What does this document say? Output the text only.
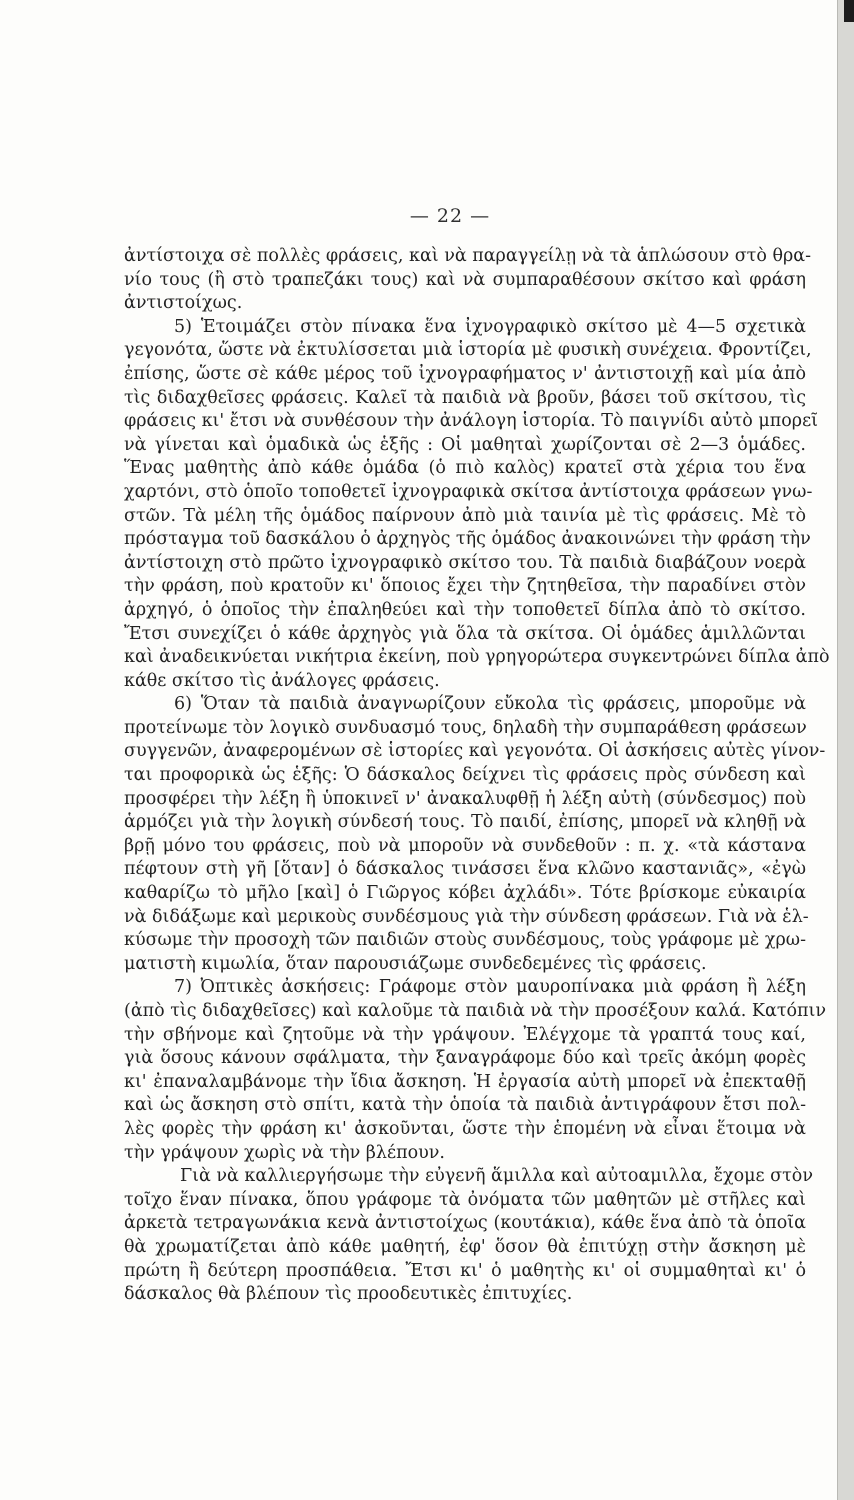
— 22 —
ἀντίστοιχα σὲ πολλὲς φράσεις, καὶ νὰ παραγγείλῃ νὰ τὰ ἁπλώσουν στὸ θρα-
νίο τους (ἢ στὸ τραπεζάκι τους) καὶ νὰ συμπαραθέσουν σκίτσο καὶ φράση
ἀντιστοίχως.
5) Ἑτοιμάζει στὸν πίνακα ἕνα ἰχνογραφικὸ σκίτσο μὲ 4—5 σχετικὰ
γεγονότα, ὥστε νὰ ἐκτυλίσσεται μιὰ ἱστορία μὲ φυσικὴ συνέχεια. Φροντίζει,
ἐπίσης, ὥστε σὲ κάθε μέρος τοῦ ἰχνογραφήματος ν' ἀντιστοιχῇ καὶ μία ἀπὸ
τὶς διδαχθεῖσες φράσεις. Καλεῖ τὰ παιδιὰ νὰ βροῦν, βάσει τοῦ σκίτσου, τὶς
φράσεις κι' ἔτσι νὰ συνθέσουν τὴν ἀνάλογη ἱστορία. Τὸ παιγνίδι αὐτὸ μπορεῖ
νὰ γίνεται καὶ ὁμαδικὰ ὡς ἑξῆς : Οἱ μαθηταὶ χωρίζονται σὲ 2—3 ὁμάδες.
Ἕνας μαθητὴς ἀπὸ κάθε ὁμάδα (ὁ πιὸ καλὸς) κρατεῖ στὰ χέρια του ἕνα
χαρτόνι, στὸ ὁποῖο τοποθετεῖ ἰχνογραφικὰ σκίτσα ἀντίστοιχα φράσεων γνω-
στῶν. Τὰ μέλη τῆς ὁμάδος παίρνουν ἀπὸ μιὰ ταινία μὲ τὶς φράσεις. Μὲ τὸ
πρόσταγμα τοῦ δασκάλου ὁ ἀρχηγὸς τῆς ὁμάδος ἀνακοινώνει τὴν φράση τὴν
ἀντίστοιχη στὸ πρῶτο ἰχνογραφικὸ σκίτσο του. Τὰ παιδιὰ διαβάζουν νοερὰ
τὴν φράση, ποὺ κρατοῦν κι' ὅποιος ἔχει τὴν ζητηθεῖσα, τὴν παραδίνει στὸν
ἀρχηγό, ὁ ὁποῖος τὴν ἐπαληθεύει καὶ τὴν τοποθετεῖ δίπλα ἀπὸ τὸ σκίτσο.
Ἔτσι συνεχίζει ὁ κάθε ἀρχηγὸς γιὰ ὅλα τὰ σκίτσα. Οἱ ὁμάδες ἁμιλλῶνται
καὶ ἀναδεικνύεται νικήτρια ἐκείνη, ποὺ γρηγορώτερα συγκεντρώνει δίπλα ἀπὸ
κάθε σκίτσο τὶς ἀνάλογες φράσεις.
6) Ὅταν τὰ παιδιὰ ἀναγνωρίζουν εὔκολα τὶς φράσεις, μποροῦμε νὰ
προτείνωμε τὸν λογικὸ συνδυασμό τους, δηλαδὴ τὴν συμπαράθεση φράσεων
συγγενῶν, ἀναφερομένων σὲ ἱστορίες καὶ γεγονότα. Οἱ ἀσκήσεις αὐτὲς γίνον-
ται προφορικὰ ὡς ἑξῆς: Ὁ δάσκαλος δείχνει τὶς φράσεις πρὸς σύνδεση καὶ
προσφέρει τὴν λέξη ἢ ὑποκινεῖ ν' ἀνακαλυφθῇ ἡ λέξη αὐτὴ (σύνδεσμος) ποὺ
ἁρμόζει γιὰ τὴν λογικὴ σύνδεσή τους. Τὸ παιδί, ἐπίσης, μπορεῖ νὰ κληθῇ νὰ
βρῇ μόνο του φράσεις, ποὺ νὰ μποροῦν νὰ συνδεθοῦν : π. χ. «τὰ κάστανα
πέφτουν στὴ γῆ [ὅταν] ὁ δάσκαλος τινάσσει ἕνα κλῶνο καστανιᾶς», «ἐγὼ
καθαρίζω τὸ μῆλο [καὶ] ὁ Γιῶργος κόβει ἀχλάδι». Τότε βρίσκομε εὐκαιρία
νὰ διδάξωμε καὶ μερικοὺς συνδέσμους γιὰ τὴν σύνδεση φράσεων. Γιὰ νὰ ἑλ-
κύσωμε τὴν προσοχὴ τῶν παιδιῶν στοὺς συνδέσμους, τοὺς γράφομε μὲ χρω-
ματιστὴ κιμωλία, ὅταν παρουσιάζωμε συνδεδεμένες τὶς φράσεις.
7) Ὀπτικὲς ἀσκήσεις: Γράφομε στὸν μαυροπίνακα μιὰ φράση ἢ λέξη
(ἀπὸ τὶς διδαχθεῖσες) καὶ καλοῦμε τὰ παιδιὰ νὰ τὴν προσέξουν καλά. Κατόπιν
τὴν σβήνομε καὶ ζητοῦμε νὰ τὴν γράψουν. Ἐλέγχομε τὰ γραπτά τους καί,
γιὰ ὅσους κάνουν σφάλματα, τὴν ξαναγράφομε δύο καὶ τρεῖς ἀκόμη φορὲς
κι' ἐπαναλαμβάνομε τὴν ἴδια ἄσκηση. Ἡ ἐργασία αὐτὴ μπορεῖ νὰ ἐπεκταθῇ
καὶ ὡς ἄσκηση στὸ σπίτι, κατὰ τὴν ὁποία τὰ παιδιὰ ἀντιγράφουν ἔτσι πολ-
λὲς φορὲς τὴν φράση κι' ἀσκοῦνται, ὥστε τὴν ἑπομένη νὰ εἶναι ἕτοιμα νὰ
τὴν γράψουν χωρὶς νὰ τὴν βλέπουν.
Γιὰ νὰ καλλιεργήσωμε τὴν εὐγενῆ ἅμιλλα καὶ αὐτοαμιλλα, ἔχομε στὸν
τοῖχο ἕναν πίνακα, ὅπου γράφομε τὰ ὀνόματα τῶν μαθητῶν μὲ στῆλες καὶ
ἀρκετὰ τετραγωνάκια κενὰ ἀντιστοίχως (κουτάκια), κάθε ἕνα ἀπὸ τὰ ὁποῖα
θὰ χρωματίζεται ἀπὸ κάθε μαθητή, ἐφ' ὅσον θὰ ἐπιτύχῃ στὴν ἄσκηση μὲ
πρώτη ἢ δεύτερη προσπάθεια. Ἔτσι κι' ὁ μαθητὴς κι' οἱ συμμαθηταὶ κι' ὁ
δάσκαλος θὰ βλέπουν τὶς προοδευτικὲς ἐπιτυχίες.
